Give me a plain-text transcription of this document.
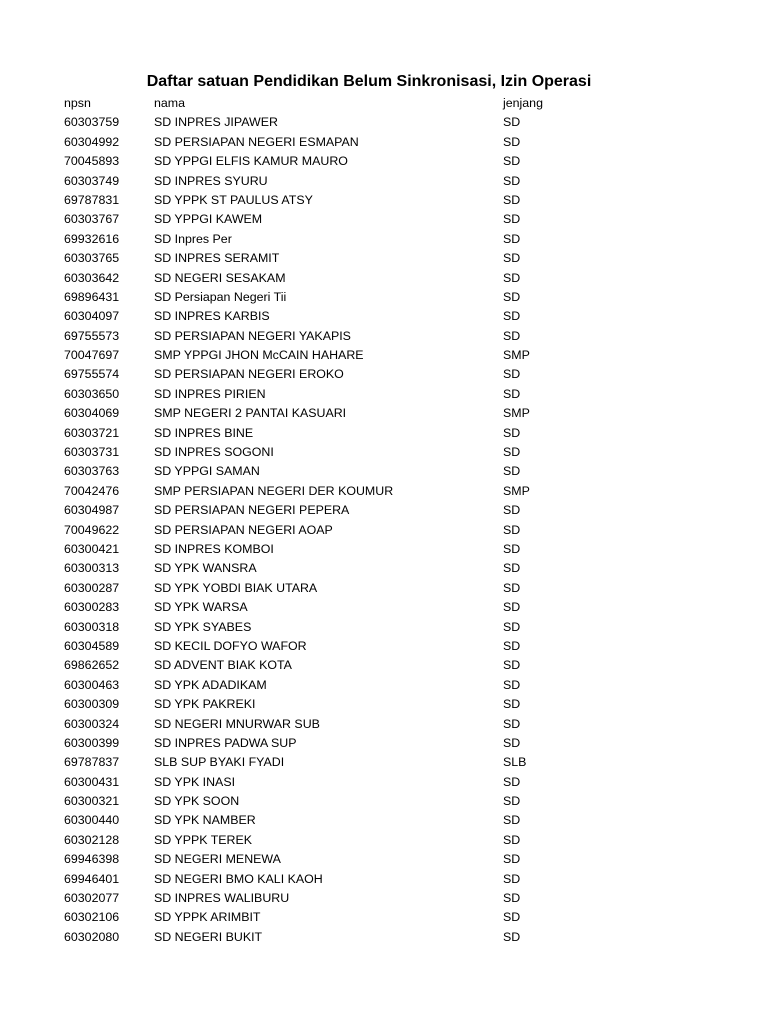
Daftar satuan Pendidikan Belum Sinkronisasi, Izin Operasi
npsn	nama	jenjang
60303759	SD INPRES JIPAWER	SD
60304992	SD PERSIAPAN NEGERI ESMAPAN	SD
70045893	SD YPPGI ELFIS KAMUR MAURO	SD
60303749	SD INPRES SYURU	SD
69787831	SD YPPK ST PAULUS ATSY	SD
60303767	SD YPPGI KAWEM	SD
69932616	SD Inpres Per	SD
60303765	SD INPRES SERAMIT	SD
60303642	SD NEGERI SESAKAM	SD
69896431	SD Persiapan Negeri Tii	SD
60304097	SD INPRES KARBIS	SD
69755573	SD PERSIAPAN NEGERI YAKAPIS	SD
70047697	SMP YPPGI JHON McCAIN HAHARE	SMP
69755574	SD PERSIAPAN NEGERI EROKO	SD
60303650	SD INPRES PIRIEN	SD
60304069	SMP NEGERI 2 PANTAI KASUARI	SMP
60303721	SD INPRES BINE	SD
60303731	SD INPRES SOGONI	SD
60303763	SD YPPGI SAMAN	SD
70042476	SMP PERSIAPAN NEGERI DER KOUMUR	SMP
60304987	SD PERSIAPAN NEGERI PEPERA	SD
70049622	SD PERSIAPAN NEGERI AOAP	SD
60300421	SD INPRES KOMBOI	SD
60300313	SD YPK WANSRA	SD
60300287	SD YPK YOBDI BIAK UTARA	SD
60300283	SD YPK WARSA	SD
60300318	SD YPK SYABES	SD
60304589	SD KECIL DOFYO WAFOR	SD
69862652	SD ADVENT BIAK KOTA	SD
60300463	SD YPK ADADIKAM	SD
60300309	SD YPK PAKREKI	SD
60300324	SD NEGERI MNURWAR SUB	SD
60300399	SD INPRES PADWA SUP	SD
69787837	SLB SUP BYAKI FYADI	SLB
60300431	SD YPK INASI	SD
60300321	SD YPK SOON	SD
60300440	SD YPK NAMBER	SD
60302128	SD YPPK TEREK	SD
69946398	SD NEGERI MENEWA	SD
69946401	SD NEGERI BMO KALI KAOH	SD
60302077	SD INPRES WALIBURU	SD
60302106	SD YPPK ARIMBIT	SD
60302080	SD NEGERI BUKIT	SD
